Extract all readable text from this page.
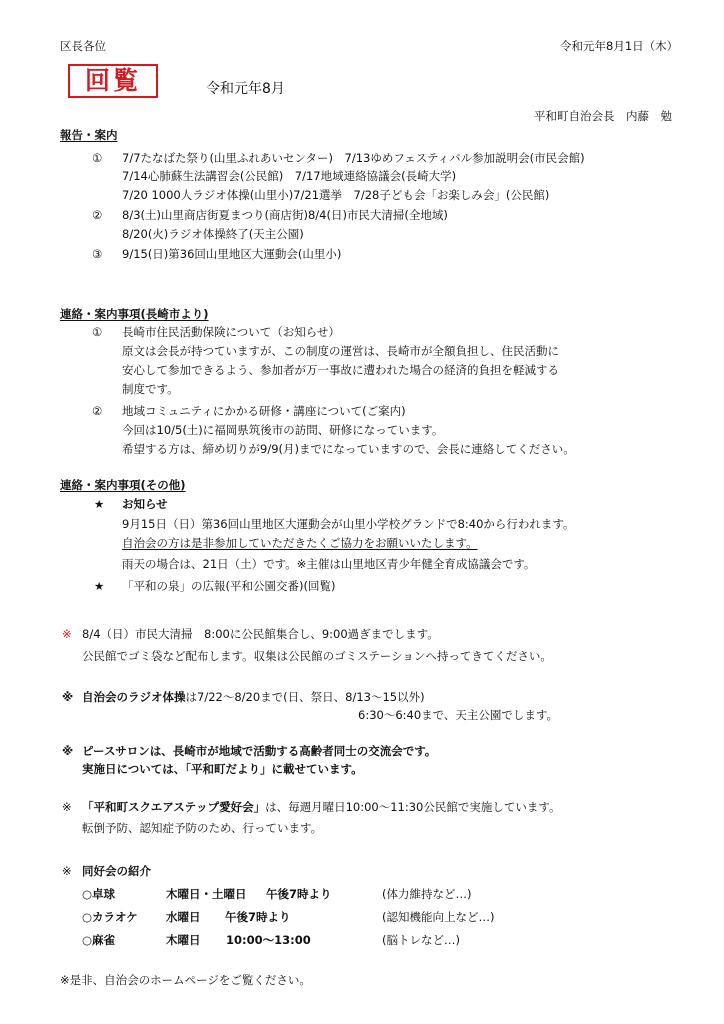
区長各位	令和元年8月1日（木）
回覧	令和元年8月
平和町自治会長　内藤　勉
報告・案内
① 7/7たなばた祭り(山里ふれあいセンター)　7/13ゆめフェスティバル参加説明会(市民会館)
7/14心肺蘇生法講習会(公民館)　7/17地域連絡協議会(長崎大学)
7/20 1000人ラジオ体操(山里小)7/21選挙　7/28子ども会「お楽しみ会」(公民館)
② 8/3(土)山里商店街夏まつり(商店街)8/4(日)市民大清掃(全地域)
8/20(火)ラジオ体操終了(天主公園)
③ 9/15(日)第36回山里地区大運動会(山里小)
連絡・案内事項(長崎市より)
① 長崎市住民活動保険について（お知らせ）
原文は会長が持つていますが、この制度の運営は、長崎市が全額負担し、住民活動に
安心して参加できるよう、参加者が万一事故に遭われた場合の経済的負担を軽減する
制度です。
② 地域コミュニティにかかる研修・講座について(ご案内)
今回は10/5(土)に福岡県筑後市の訪問、研修になっています。
希望する方は、締め切りが9/9(月)までになっていますので、会長に連絡してください。
連絡・案内事項(その他)
★ お知らせ
9月15日（日）第36回山里地区大運動会が山里小学校グランドで8:40から行われます。
自治会の方は是非参加していただきたくご協力をお願いいたします。
雨天の場合は、21日（土）です。※主催は山里地区青少年健全育成協議会です。
★ 「平和の泉」の広報(平和公園交番)(回覧)
※ 8/4（日）市民大清掃　8:00に公民館集合し、9:00過ぎまでします。
公民館でゴミ袋など配布します。収集は公民館のゴミステーションへ持ってきてください。
※ 自治会のラジオ体操は7/22～8/20まで(日、祭日、8/13～15以外)
6:30～6:40まで、天主公園でします。
※ ピースサロンは、長崎市が地域で活動する高齢者同士の交流会です。
実施日については、「平和町だより」に載せています。
※ 「平和町スクエアステップ愛好会」は、毎週月曜日10:00～11:30公民館で実施しています。
転倒予防、認知症予防のため、行っています。
※ 同好会の紹介
○卓球	木曜日・土曜日 午後7時より	(体力維持など…)
○カラオケ 水曜日 午後7時より	(認知機能向上など…)
○麻雀	木曜日 10:00～13:00	(脳トレなど…)
※是非、自治会のホームページをご覧ください。
